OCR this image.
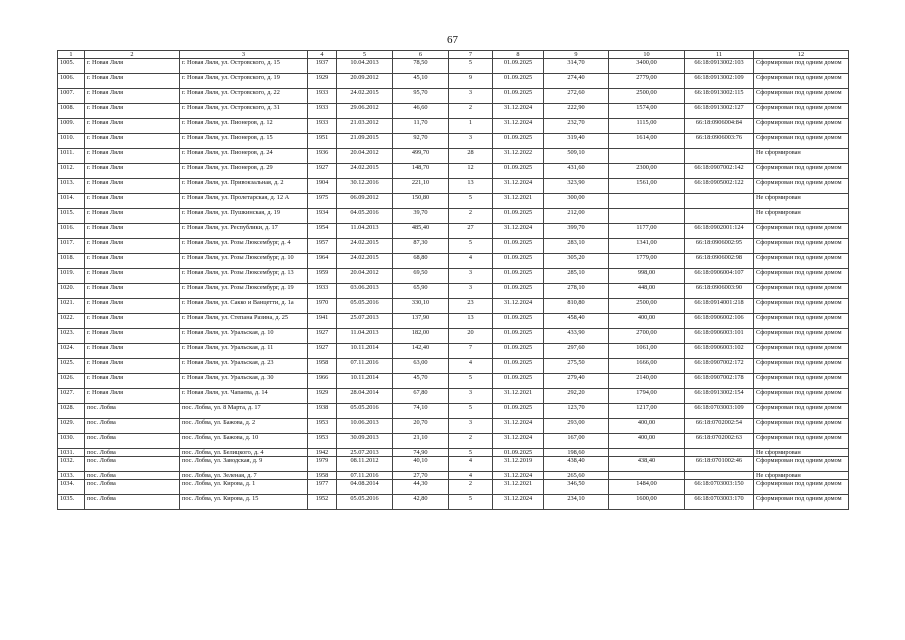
67
1	2	3	4	5	6	7	8	9	10	11	12
1005.	г. Новая Ляля	г. Новая Ляля, ул. Островского, д. 15	1937	10.04.2013	78,50	5	01.09.2025	314,70	3400,00	66:18:0913002:103	Сформирован под одним домом
1006.	г. Новая Ляля	г. Новая Ляля, ул. Островского, д. 19	1929	20.09.2012	45,10	9	01.09.2025	274,40	2779,00	66:18:0913002:109	Сформирован под одним домом
1007.	г. Новая Ляля	г. Новая Ляля, ул. Островского, д. 22	1933	24.02.2015	95,70	3	01.09.2025	272,60	2500,00	66:18:0913002:115	Сформирован под одним домом
1008.	г. Новая Ляля	г. Новая Ляля, ул. Островского, д. 31	1933	29.06.2012	46,60	2	31.12.2024	222,90	1574,00	66:18:0913002:127	Сформирован под одним домом
1009.	г. Новая Ляля	г. Новая Ляля, ул. Пионеров, д. 12	1933	21.03.2012	11,70	1	31.12.2024	232,70	1115,00	66:18:0906004:84	Сформирован под одним домом
1010.	г. Новая Ляля	г. Новая Ляля, ул. Пионеров, д. 15	1951	21.09.2015	92,70	3	01.09.2025	319,40	1614,00	66:18:0906003:76	Сформирован под одним домом
1011.	г. Новая Ляля	г. Новая Ляля, ул. Пионеров, д. 24	1936	20.04.2012	499,70	28	31.12.2022	509,10			Не сформирован
1012.	г. Новая Ляля	г. Новая Ляля, ул. Пионеров, д. 29	1927	24.02.2015	148,70	12	01.09.2025	431,60	2300,00	66:18:0907002:142	Сформирован под одним домом
1013.	г. Новая Ляля	г. Новая Ляля, ул. Привокзальная, д. 2	1904	30.12.2016	221,10	13	31.12.2024	323,90	1561,00	66:18:0905002:122	Сформирован под одним домом
1014.	г. Новая Ляля	г. Новая Ляля, ул. Пролетарская, д. 12 А	1975	06.09.2012	150,80	5	31.12.2021	300,00			Не сформирован
1015.	г. Новая Ляля	г. Новая Ляля, ул. Пушкинская, д. 19	1934	04.05.2016	39,70	2	01.09.2025	212,00			Не сформирован
1016.	г. Новая Ляля	г. Новая Ляля, ул. Республики, д. 17	1954	11.04.2013	485,40	27	31.12.2024	399,70	1177,00	66:18:0902001:124	Сформирован под одним домом
1017.	г. Новая Ляля	г. Новая Ляля, ул. Розы Люксембург, д. 4	1957	24.02.2015	87,30	5	01.09.2025	283,10	1341,00	66:18:0906002:95	Сформирован под одним домом
1018.	г. Новая Ляля	г. Новая Ляля, ул. Розы Люксембург, д. 10	1964	24.02.2015	68,80	4	01.09.2025	305,20	1779,00	66:18:0906002:98	Сформирован под одним домом
1019.	г. Новая Ляля	г. Новая Ляля, ул. Розы Люксембург, д. 13	1959	20.04.2012	69,50	3	01.09.2025	285,10	998,00	66:18:0906004:107	Сформирован под одним домом
1020.	г. Новая Ляля	г. Новая Ляля, ул. Розы Люксембург, д. 19	1933	03.06.2013	65,90	3	01.09.2025	278,10	448,00	66:18:0906003:90	Сформирован под одним домом
1021.	г. Новая Ляля	г. Новая Ляля, ул. Сакко и Ванцетти, д. 1а	1970	05.05.2016	330,10	23	31.12.2024	810,80	2500,00	66:18:0914001:218	Сформирован под одним домом
1022.	г. Новая Ляля	г. Новая Ляля, ул. Степана Разина, д. 25	1941	25.07.2013	137,90	13	01.09.2025	458,40	400,00	66:18:0906002:106	Сформирован под одним домом
1023.	г. Новая Ляля	г. Новая Ляля, ул. Уральская, д. 10	1927	11.04.2013	182,00	20	01.09.2025	433,90	2700,00	66:18:0906003:101	Сформирован под одним домом
1024.	г. Новая Ляля	г. Новая Ляля, ул. Уральская, д. 11	1927	10.11.2014	142,40	7	01.09.2025	297,60	1061,00	66:18:0906003:102	Сформирован под одним домом
1025.	г. Новая Ляля	г. Новая Ляля, ул. Уральская, д. 23	1958	07.11.2016	63,00	4	01.09.2025	275,50	1666,00	66:18:0907002:172	Сформирован под одним домом
1026.	г. Новая Ляля	г. Новая Ляля, ул. Уральская, д. 30	1966	10.11.2014	45,70	5	01.09.2025	279,40	2140,00	66:18:0907002:178	Сформирован под одним домом
1027.	г. Новая Ляля	г. Новая Ляля, ул. Чапаева, д. 14	1929	28.04.2014	67,80	3	31.12.2021	292,20	1794,00	66:18:0913002:154	Сформирован под одним домом
1028.	пос. Лобва	пос. Лобва, ул. 8 Марта, д. 17	1938	05.05.2016	74,10	5	01.09.2025	123,70	1217,00	66:18:0703003:109	Сформирован под одним домом
1029.	пос. Лобва	пос. Лобва, ул. Бажова, д. 2	1953	10.06.2013	20,70	3	31.12.2024	293,00	400,00	66:18:0702002:54	Сформирован под одним домом
1030.	пос. Лобва	пос. Лобва, ул. Бажова, д. 10	1953	30.09.2013	21,10	2	31.12.2024	167,00	400,00	66:18:0702002:63	Сформирован под одним домом
1031.	пос. Лобва	пос. Лобва, ул. Белицкого, д. 4	1942	25.07.2013	74,90	5	01.09.2025	198,60			Не сформирован
1032.	пос. Лобва	пос. Лобва, ул. Заводская, д. 9	1979	08.11.2012	40,10	4	31.12.2019	438,40	438,40	66:18:0701002:46	Сформирован под одним домом
1033.	пос. Лобва	пос. Лобва, ул. Зеленая, д. 7	1958	07.11.2016	27,70	4	31.12.2024	265,60			Не сформирован
1034.	пос. Лобва	пос. Лобва, ул. Кирова, д. 1	1977	04.08.2014	44,30	2	31.12.2021	346,50	1484,00	66:18:0703003:150	Сформирован под одним домом
1035.	пос. Лобва	пос. Лобва, ул. Кирова, д. 15	1952	05.05.2016	42,80	5	31.12.2024	234,10	1600,00	66:18:0703003:170	Сформирован под одним домом
